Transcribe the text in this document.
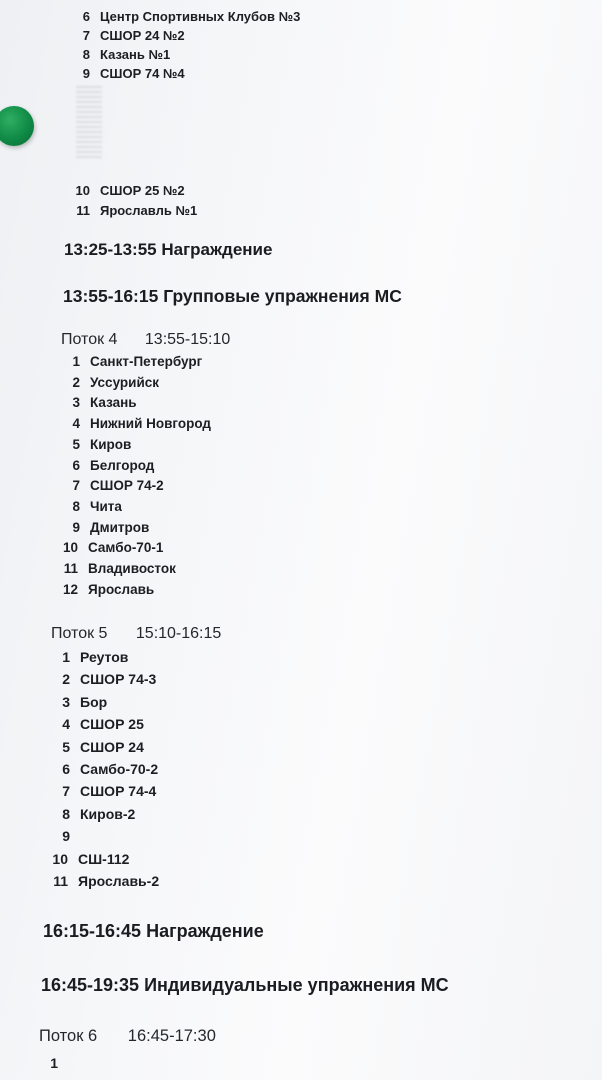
6 Центр Спортивных Клубов №3
7 СШОР 24 №2
8 Казань №1
9 СШОР 74 №4
10 СШОР 25 №2
11 Ярославль №1
13:25-13:55 Награждение
13:55-16:15 Групповые упражнения МС
Поток 4 13:55-15:10
1 Санкт-Петербург
2 Уссурийск
3 Казань
4 Нижний Новгород
5 Киров
6 Белгород
7 СШОР 74-2
8 Чита
9 Дмитров
10 Самбо-70-1
11 Владивосток
12 Ярославь
Поток 5 15:10-16:15
1 Реутов
2 СШОР 74-3
3 Бор
4 СШОР 25
5 СШОР 24
6 Самбо-70-2
7 СШОР 74-4
8 Киров-2
9
10 СШ-112
11 Ярославь-2
16:15-16:45 Награждение
16:45-19:35 Индивидуальные упражнения МС
Поток 6 16:45-17:30
1
